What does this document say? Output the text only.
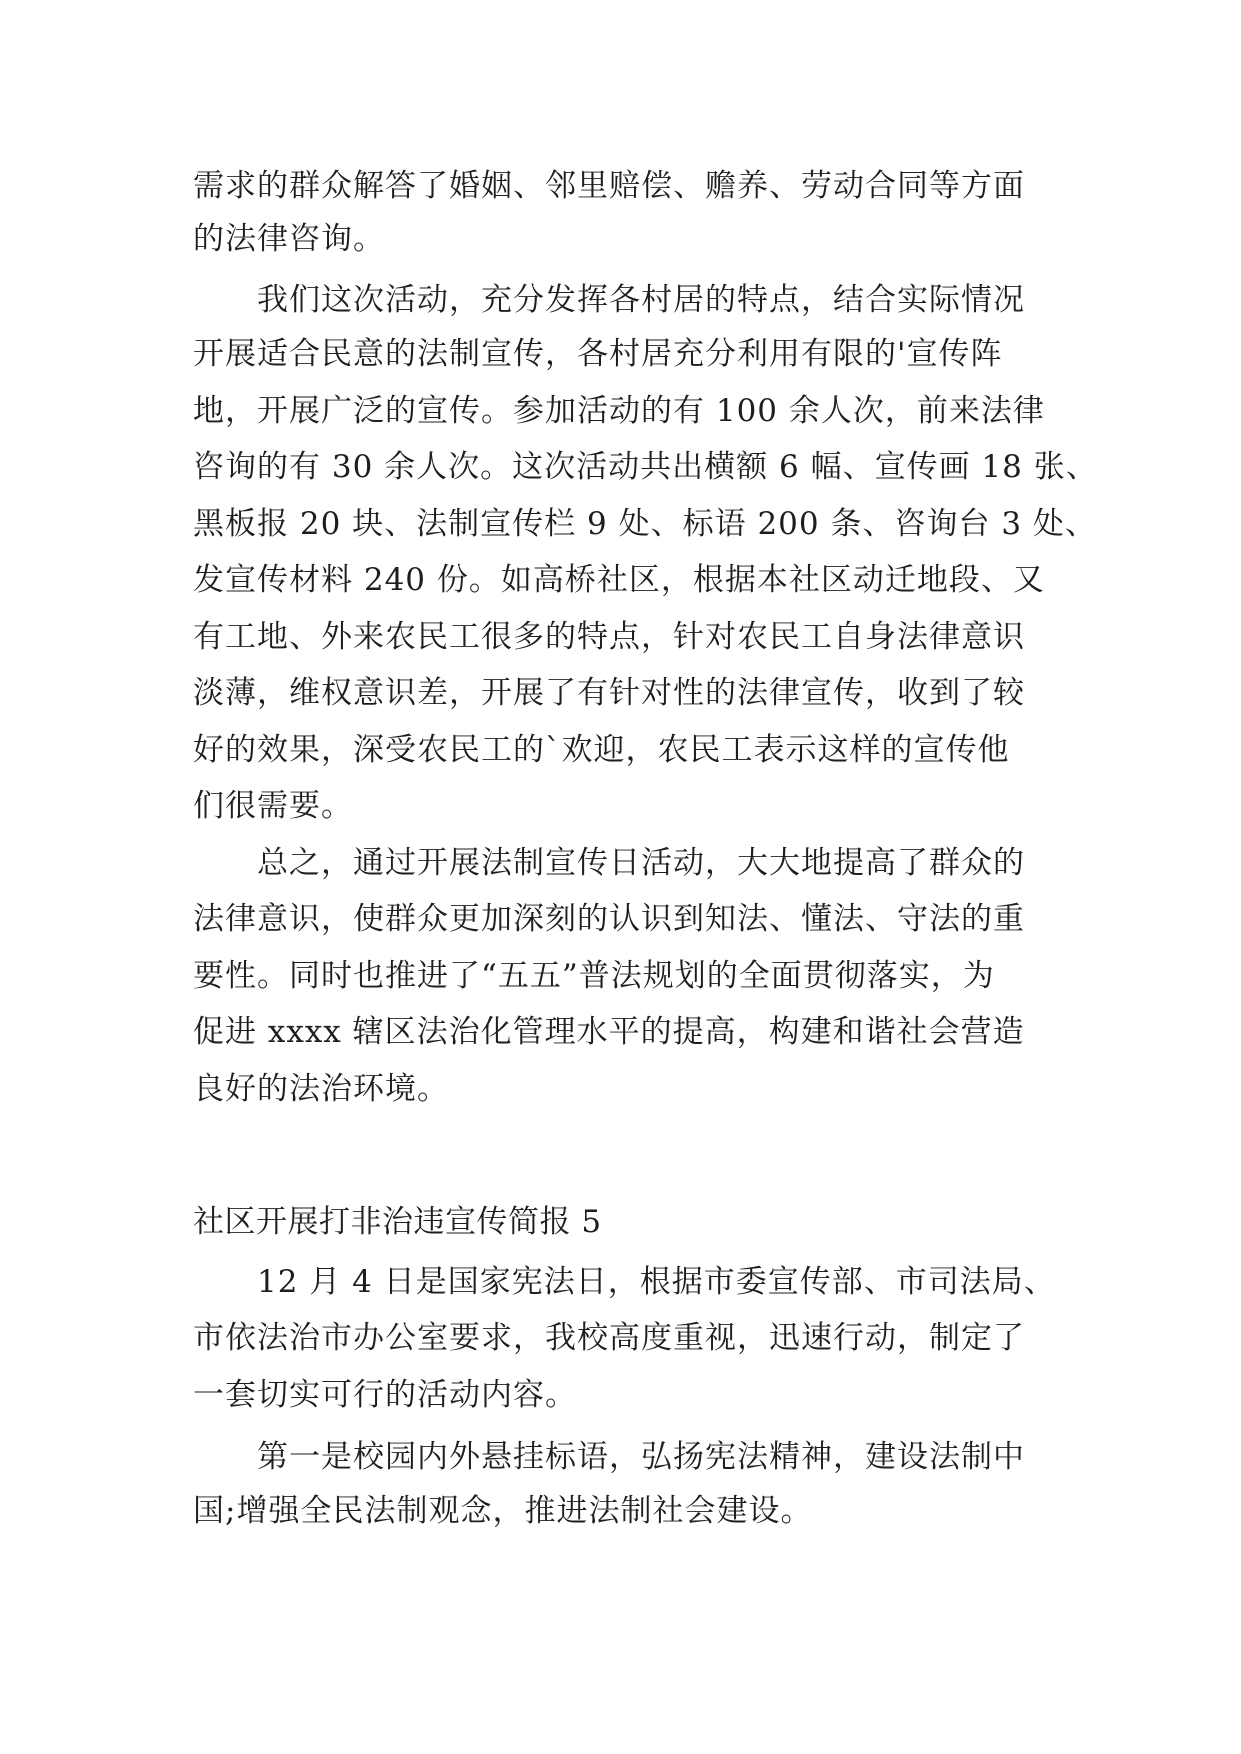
需求的群众解答了婚姻、邻里赔偿、赡养、劳动合同等方面
的法律咨询。
我们这次活动，充分发挥各村居的特点，结合实际情况
开展适合民意的法制宣传，各村居充分利用有限的'宣传阵
地，开展广泛的宣传。参加活动的有 100 余人次，前来法律
咨询的有 30 余人次。这次活动共出横额 6 幅、宣传画 18 张、
黑板报 20 块、法制宣传栏 9 处、标语 200 条、咨询台 3 处、
发宣传材料 240 份。如高桥社区，根据本社区动迁地段、又
有工地、外来农民工很多的特点，针对农民工自身法律意识
淡薄，维权意识差，开展了有针对性的法律宣传，收到了较
好的效果，深受农民工的`欢迎，农民工表示这样的宣传他
们很需要。
总之，通过开展法制宣传日活动，大大地提高了群众的
法律意识，使群众更加深刻的认识到知法、懂法、守法的重
要性。同时也推进了“五五”普法规划的全面贯彻落实，为
促进 xxxx 辖区法治化管理水平的提高，构建和谐社会营造
良好的法治环境。
社区开展打非治违宣传简报 5
12 月 4 日是国家宪法日，根据市委宣传部、市司法局、
市依法治市办公室要求，我校高度重视，迅速行动，制定了
一套切实可行的活动内容。
第一是校园内外悬挂标语，弘扬宪法精神，建设法制中
国;增强全民法制观念，推进法制社会建设。
